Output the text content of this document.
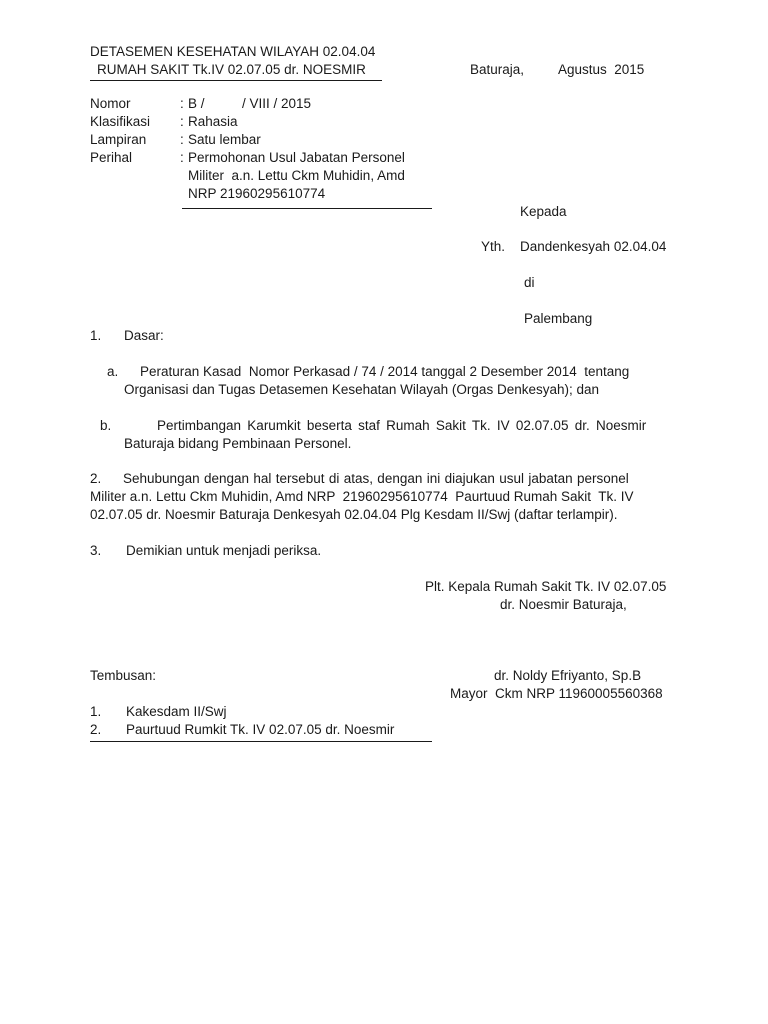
DETASEMEN KESEHATAN WILAYAH 02.04.04
RUMAH SAKIT Tk.IV 02.07.05 dr. NOESMIR	Baturaja,	Agustus  2015
Nomor	: B /          / VIII / 2015
Klasifikasi : Rahasia
Lampiran : Satu lembar
Perihal	: Permohonan Usul Jabatan Personel
Militer  a.n. Lettu Ckm Muhidin, Amd
NRP 21960295610774
Kepada
Yth. Dandenkesyah 02.04.04
di
Palembang
1. Dasar:
a. Peraturan Kasad  Nomor Perkasad / 74 / 2014 tanggal 2 Desember 2014  tentang
Organisasi dan Tugas Detasemen Kesehatan Wilayah (Orgas Denkesyah); dan
b.	Pertimbangan Karumkit beserta staf Rumah Sakit Tk. IV 02.07.05 dr. Noesmir
Baturaja bidang Pembinaan Personel.
2.     Sehubungan dengan hal tersebut di atas, dengan ini diajukan usul jabatan personel
Militer a.n. Lettu Ckm Muhidin, Amd NRP  21960295610774  Paurtuud Rumah Sakit  Tk. IV
02.07.05 dr. Noesmir Baturaja Denkesyah 02.04.04 Plg Kesdam II/Swj (daftar terlampir).
3. Demikian untuk menjadi periksa.
Plt. Kepala Rumah Sakit Tk. IV 02.07.05
dr. Noesmir Baturaja,
dr. Noldy Efriyanto, Sp.B
Mayor  Ckm NRP 11960005560368
Tembusan:
1. Kakesdam II/Swj
2. Paurtuud Rumkit Tk. IV 02.07.05 dr. Noesmir
